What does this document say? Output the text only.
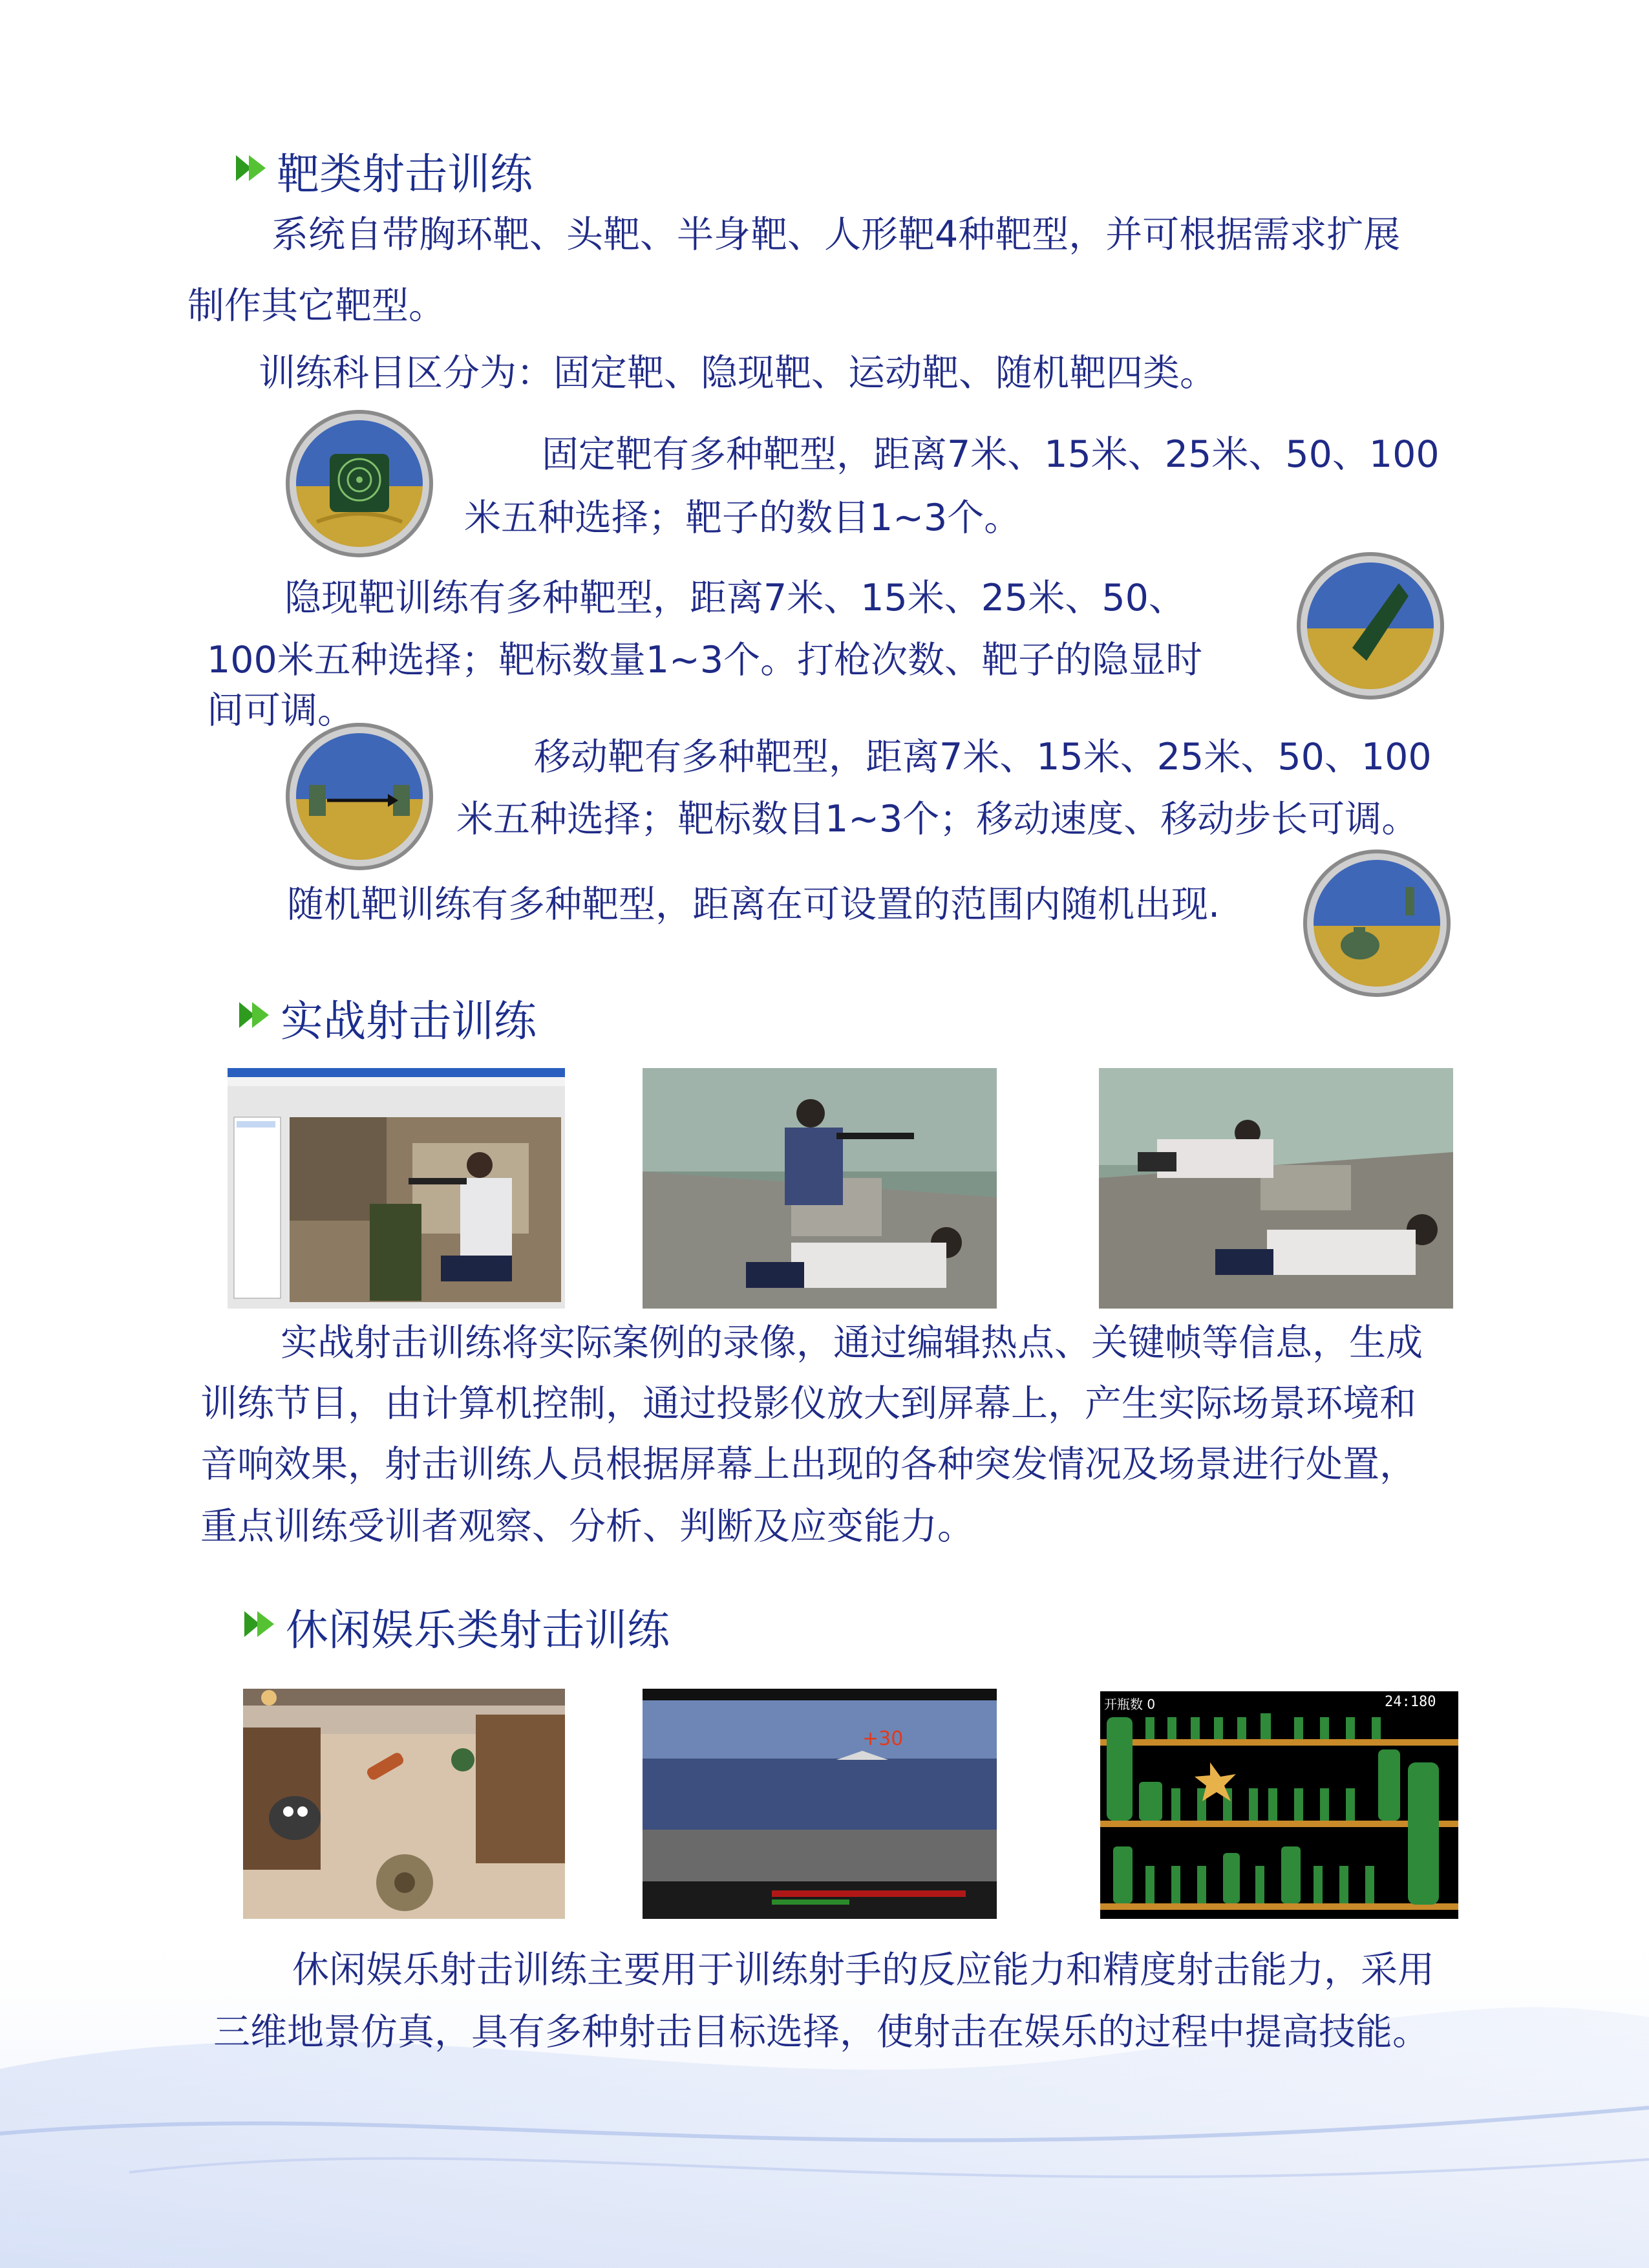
靶类射击训练
系统自带胸环靶、头靶、半身靶、人形靶4种靶型，并可根据需求扩展
制作其它靶型。
训练科目区分为：固定靶、隐现靶、运动靶、随机靶四类。
固定靶有多种靶型，距离7米、15米、25米、50、100
米五种选择；靶子的数目1~3个。
隐现靶训练有多种靶型，距离7米、15米、25米、50、
100米五种选择；靶标数量1~3个。打枪次数、靶子的隐显时
间可调。
移动靶有多种靶型，距离7米、15米、25米、50、100
米五种选择；靶标数目1~3个；移动速度、移动步长可调。
随机靶训练有多种靶型，距离在可设置的范围内随机出现.
实战射击训练
实战射击训练将实际案例的录像，通过编辑热点、关键帧等信息，生成
训练节目，由计算机控制，通过投影仪放大到屏幕上，产生实际场景环境和
音响效果，射击训练人员根据屏幕上出现的各种突发情况及场景进行处置，
重点训练受训者观察、分析、判断及应变能力。
休闲娱乐类射击训练
+30
开瓶数 0	24:180
休闲娱乐射击训练主要用于训练射手的反应能力和精度射击能力，采用
三维地景仿真，具有多种射击目标选择，使射击在娱乐的过程中提高技能。
